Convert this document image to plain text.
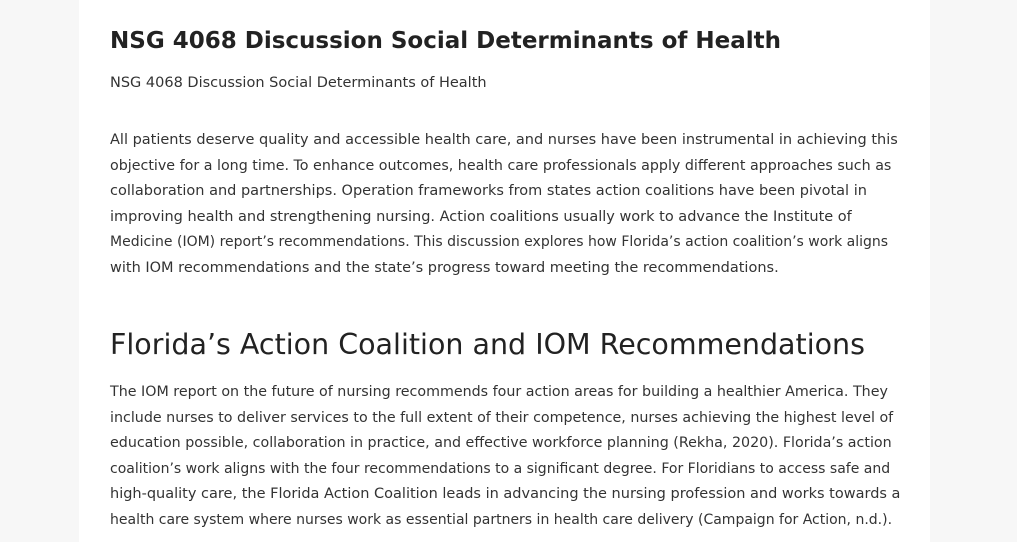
NSG 4068 Discussion Social Determinants of Health

NSG 4068 Discussion Social Determinants of Health

All patients deserve quality and accessible health care, and nurses have been instrumental in achieving this
objective for a long time. To enhance outcomes, health care professionals apply different approaches such as
collaboration and partnerships. Operation frameworks from states action coalitions have been pivotal in
improving health and strengthening nursing. Action coalitions usually work to advance the Institute of
Medicine (IOM) report’s recommendations. This discussion explores how Florida’s action coalition’s work aligns
with IOM recommendations and the state’s progress toward meeting the recommendations.

Florida’s Action Coalition and IOM Recommendations

The IOM report on the future of nursing recommends four action areas for building a healthier America. They
include nurses to deliver services to the full extent of their competence, nurses achieving the highest level of
education possible, collaboration in practice, and effective workforce planning (Rekha, 2020). Florida’s action
coalition’s work aligns with the four recommendations to a significant degree. For Floridians to access safe and
high-quality care, the Florida Action Coalition leads in advancing the nursing profession and works towards a
health care system where nurses work as essential partners in health care delivery (Campaign for Action, n.d.).
